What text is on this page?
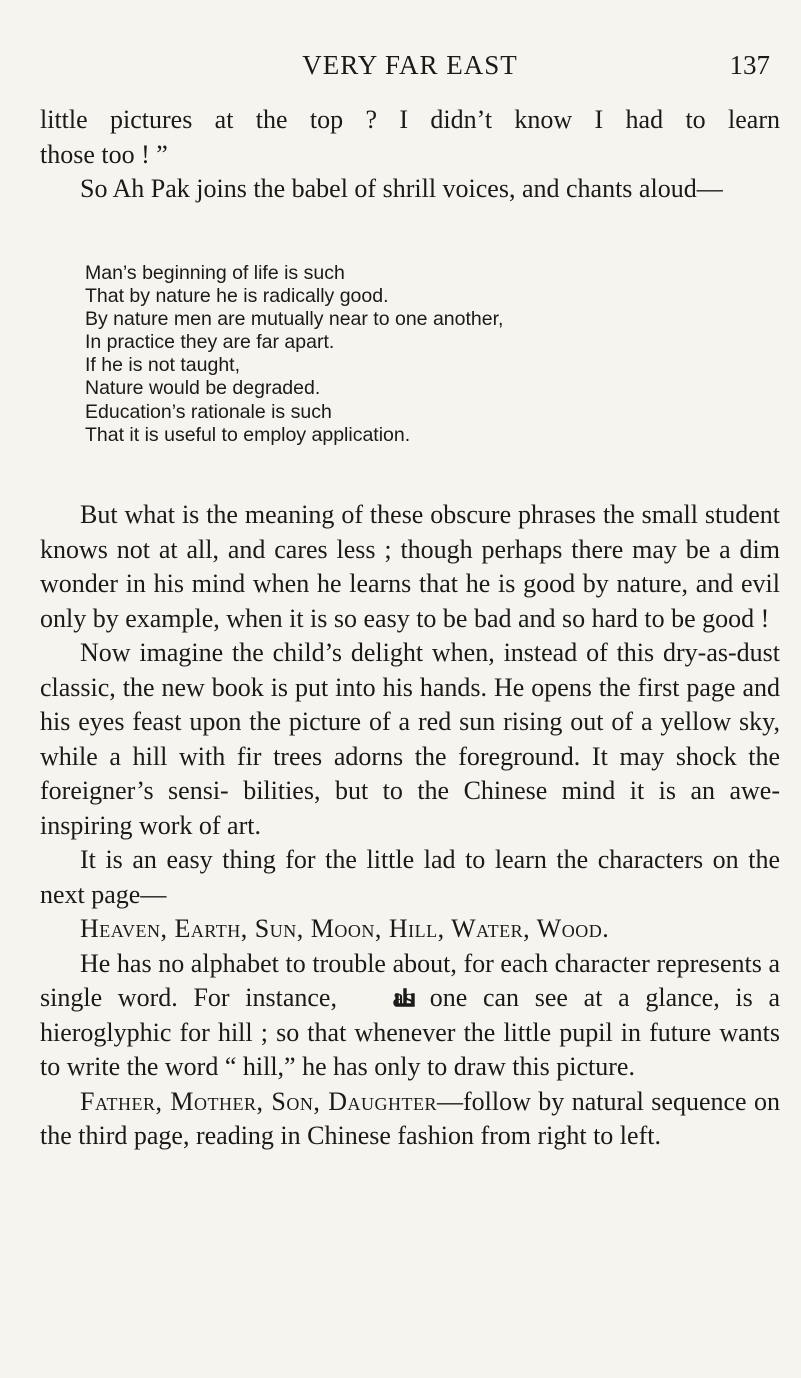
VERY FAR EAST	137

little pictures at the top ? I didn’t know I had to learn

those too ! ”

So Ah Pak joins the babel of shrill voices, and chants aloud—

Man’s beginning of life is such
That by nature he is radically good.
By nature men are mutually near to one another,
In practice they are far apart.
If he is not taught,
Nature would be degraded.
Education’s rationale is such
That it is useful to employ application.

But what is the meaning of these obscure phrases the small student knows not at all, and cares less ; though perhaps there may be a dim wonder in his mind when he learns that he is good by nature, and evil only by example, when it is so easy to be bad and so hard to be good !

Now imagine the child’s delight when, instead of this dry-as-dust classic, the new book is put into his hands. He opens the first page and his eyes feast upon the picture of a red sun rising out of a yellow sky, while a hill with fir trees adorns the foreground. It may shock the foreigner’s sensi- bilities, but to the Chinese mind it is an awe-inspiring work of art.

It is an easy thing for the little lad to learn the characters on the next page—

Heaven, Earth, Sun, Moon, Hill, Water, Wood.

He has no alphabet to trouble about, for each character represents a single word. For instance, as one can see at a glance, is a hieroglyphic for hill ; so that whenever the little pupil in future wants to write the word “ hill,” he has only to draw this picture.

Father, Mother, Son, Daughter—follow by natural sequence on the third page, reading in Chinese fashion from right to left.
